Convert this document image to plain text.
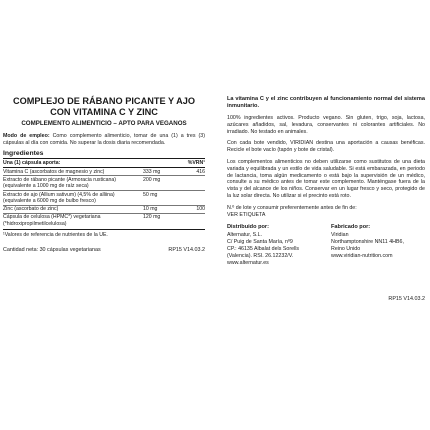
COMPLEJO DE RÁBANO PICANTE Y AJO
CON VITAMINA C Y ZINC
COMPLEMENTO ALIMENTICIO – APTO PARA VEGANOS
Modo de empleo: Como complemento alimenticio, tomar de una (1) a tres (3) cápsulas al día con comida. No superar la dosis diaria recomendada.
Ingredientes
Una (1) cápsula aporta:		%VRN¹
Vitamina C (ascorbatos de magnesio y zinc)	333 mg	416
Extracto de rábano picante (Armoracia rusticana) (equivalente a 1000 mg de raíz seca)	200 mg	
Extracto de ajo (Allium sativum) (4,5% de alliina) (equivalente a 6000 mg de bulbo fresco)	50 mg	
Zinc (ascorbato de zinc)	10 mg	100
Cápsula de celulosa (HPMC*) vegetariana (*hidroxipropilmetilcelulosa)	120 mg	
¹Valores de referencia de nutrientes de la UE.
Cantidad neta: 30 cápsulas vegetarianas	RP15 V14.03.2
La vitamina C y el zinc contribuyen al funcionamiento normal del sistema inmunitario.
100% ingredientes activos. Producto vegano. Sin gluten, trigo, soja, lactosa, azúcares añadidos, sal, levadura, conservantes ni colorantes artificiales. No irradiado. No testado en animales.
Con cada bote vendido, VIRIDIAN destina una aportación a causas benéficas. Recicle el bote vacío (tapón y bote de cristal).
Los complementos alimenticios no deben utilizarse como sustitutos de una dieta variada y equilibrada y un estilo de vida saludable. Si está embarazada, en periodo de lactancia, toma algún medicamento o está bajo la supervisión de un médico, consulte a su médico antes de tomar este complemento. Manténgase fuera de la vista y del alcance de los niños. Conservar en un lugar fresco y seco, protegido de la luz solar directa. No utilizar si el precinto está roto.
N.º de lote y consumir preferentemente antes de fin de:
VER ETIQUETA
Distribuido por:
Alternatur, S.L.
C/ Puig de Santa María, nº9
CP.: 46135 Albalat dels Sorells
(Valencia). RSI. 26.12232/V.
www.alternatur.es
Fabricado por:
Viridian
Northamptonshire NN11 4HB6,
Reino Unido
www.viridian-nutrition.com
RP15 V14.03.2
